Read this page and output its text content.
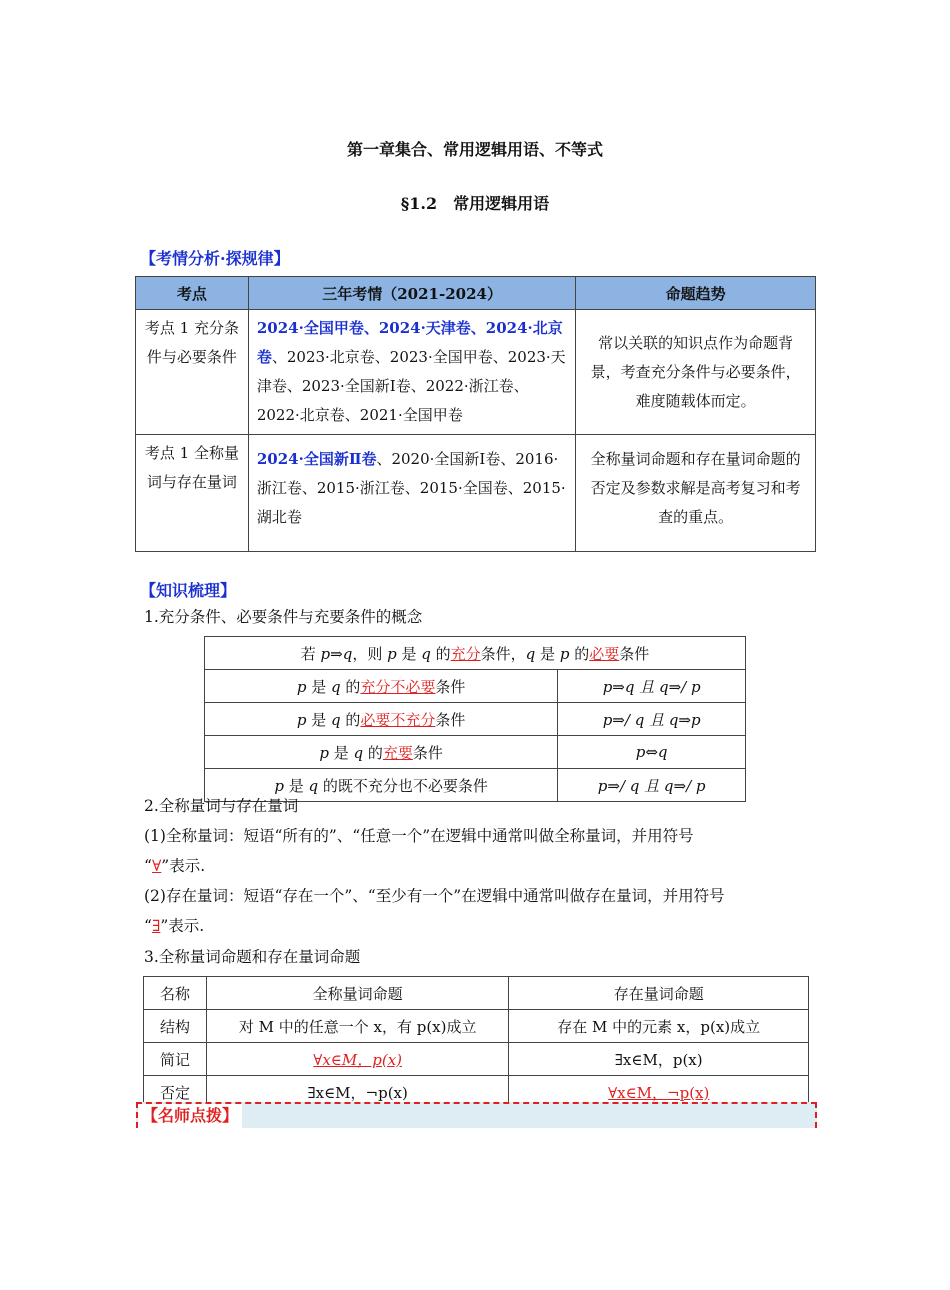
第一章集合、常用逻辑用语、不等式
§1.2　常用逻辑用语
【考情分析·探规律】
考点	三年考情（2021-2024）	命题趋势
考点 1 充分条件与必要条件	2024·全国甲卷、2024·天津卷、2024·北京卷、2023·北京卷、2023·全国甲卷、2023·天津卷、2023·全国新Ⅰ卷、2022·浙江卷、2022·北京卷、2021·全国甲卷	常以关联的知识点作为命题背景，考查充分条件与必要条件，难度随载体而定。
考点 1 全称量词与存在量词	2024·全国新Ⅱ卷、2020·全国新Ⅰ卷、2016·浙江卷、2015·浙江卷、2015·全国卷、2015·湖北卷	全称量词命题和存在量词命题的否定及参数求解是高考复习和考查的重点。
【知识梳理】
1.充分条件、必要条件与充要条件的概念
若 p⇒q，则 p 是 q 的充分条件，q 是 p 的必要条件	
p 是 q 的充分不必要条件	p⇒q 且 q⇒/ p
p 是 q 的必要不充分条件	p⇒/ q 且 q⇒p
p 是 q 的充要条件	p⇔q
p 是 q 的既不充分也不必要条件	p⇒/ q 且 q⇒/ p
2.全称量词与存在量词
(1)全称量词：短语“所有的”、“任意一个”在逻辑中通常叫做全称量词，并用符号
“∀”表示.
(2)存在量词：短语“存在一个”、“至少有一个”在逻辑中通常叫做存在量词，并用符号
“∃”表示.
3.全称量词命题和存在量词命题
名称	全称量词命题	存在量词命题
结构	对 M 中的任意一个 x，有 p(x)成立	存在 M 中的元素 x，p(x)成立
简记	∀x∈M，p(x)	∃x∈M，p(x)
否定	∃x∈M，¬p(x)	∀x∈M，¬p(x)
【名师点拨】
